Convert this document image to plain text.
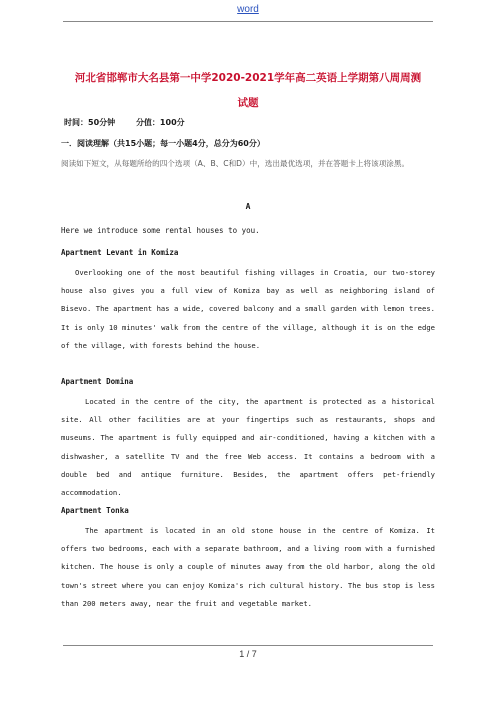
word
河北省邯郸市大名县第一中学2020-2021学年高二英语上学期第八周周测
试题
时间：50分钟	分值：100分
一．阅读理解（共15小题；每一小题4分，总分为60分）
阅读如下短文，从每题所给的四个选项（A、B、C和D）中，选出最优选项，并在答题卡上将该项涂黑。
A
Here we introduce some rental houses to you.
Apartment Levant in Komiza
Overlooking one of the most beautiful fishing villages in Croatia, our two-storey house also gives you a full view of Komiza bay as well as neighboring island of Bisevo. The apartment has a wide, covered balcony and a small garden with lemon trees. It is only 10 minutes' walk from the centre of the village, although it is on the edge of the village, with forests behind the house.
Apartment Domina
Located in the centre of the city, the apartment is protected as a historical site. All other facilities are at your fingertips such as restaurants, shops and museums. The apartment is fully equipped and air-conditioned, having a kitchen with a dishwasher, a satellite TV and the free Web access. It contains a bedroom with a double bed and antique furniture. Besides, the apartment offers pet-friendly accommodation.
Apartment Tonka
The apartment is located in an old stone house in the centre of Komiza. It offers two bedrooms, each with a separate bathroom, and a living room with a furnished kitchen. The house is only a couple of minutes away from the old harbor, along the old town's street where you can enjoy Komiza's rich cultural history. The bus stop is less than 200 meters away, near the fruit and vegetable market.
1 / 7
